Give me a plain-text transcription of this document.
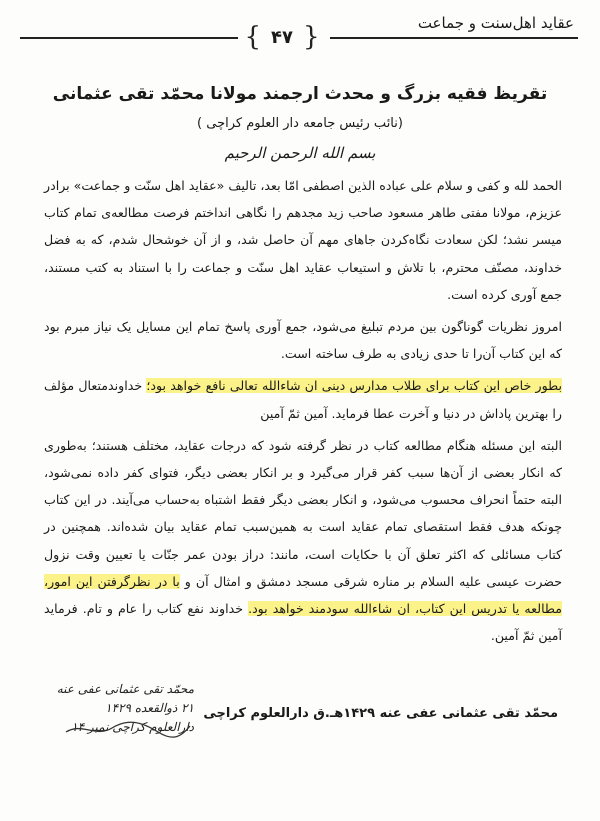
عقاید اهل‌سنت و جماعت
{ ۴۷ }
تقریظ فقیه بزرگ و محدث ارجمند مولانا محمّد تقی عثمانی
(نائب رئیس جامعه دار العلوم کراچی )
بسم الله الرحمن الرحیم

الحمد لله و کفی و سلام علی عباده الذین اصطفی امّا بعد، تالیف «عقاید اهل سنّت و جماعت» برادر عزیزم، مولانا مفتی طاهر مسعود صاحب زید مجدهم را نگاهی انداختم فرصت مطالعه‌ی تمام کتاب میسر نشد؛ لکن سعادت نگاه‌کردن جاهای مهم آن حاصل شد، و از آن خوشحال شدم، که به فضل خداوند، مصنّف محترم، با تلاش و استیعاب عقاید اهل سنّت و جماعت را با استناد به کتب مستند، جمع آوری کرده است.

امروز نظریات گوناگون بین مردم تبلیغ می‌شود، جمع آوری پاسخ تمام این مسایل یک نیاز مبرم بود که این کتاب آن‌را تا حدی زیادی به طرف ساخته است.

بطور خاص این کتاب برای طلاب مدارس دینی ان شاءالله تعالی نافع خواهد بود؛ خداوندمتعال مؤلف را بهترین پاداش در دنیا و آخرت عطا فرماید. آمین ثمّ آمین

البته این مسئله هنگام مطالعه کتاب در نظر گرفته شود که درجات عقاید، مختلف هستند؛ به‌طوری که انکار بعضی از آن‌ها سبب کفر قرار می‌گیرد و بر انکار بعضی دیگر، فتوای کفر داده نمی‌شود، البته حتماً انحراف محسوب می‌شود، و انکار بعضی دیگر فقط اشتباه به‌حساب می‌آیند. در این کتاب چونکه هدف فقط استقصای تمام عقاید است به همین‌سبب تمام عقاید بیان شده‌اند. همچنین در کتاب مسائلی که اکثر تعلق آن با حکایات است، مانند: دراز بودن عمر جنّات یا تعیین وقت نزول حضرت عیسی علیه السلام بر مناره شرقی مسجد دمشق و امثال آن و با در نظرگرفتن این امور، مطالعه یا تدریس این کتاب، ان شاءالله سودمند خواهد بود. خداوند نفع کتاب را عام و تام. فرماید آمین ثمّ آمین.

محمّد تقی عثمانی عفی عنه ۱۴۲۹هـ.ق دارالعلوم کراچی
محمّد تقی عثمانی عفی عنه
۲۱ ذوالقعده ۱۴۲۹
دارالعلوم کراچی نمبر ۱۴
